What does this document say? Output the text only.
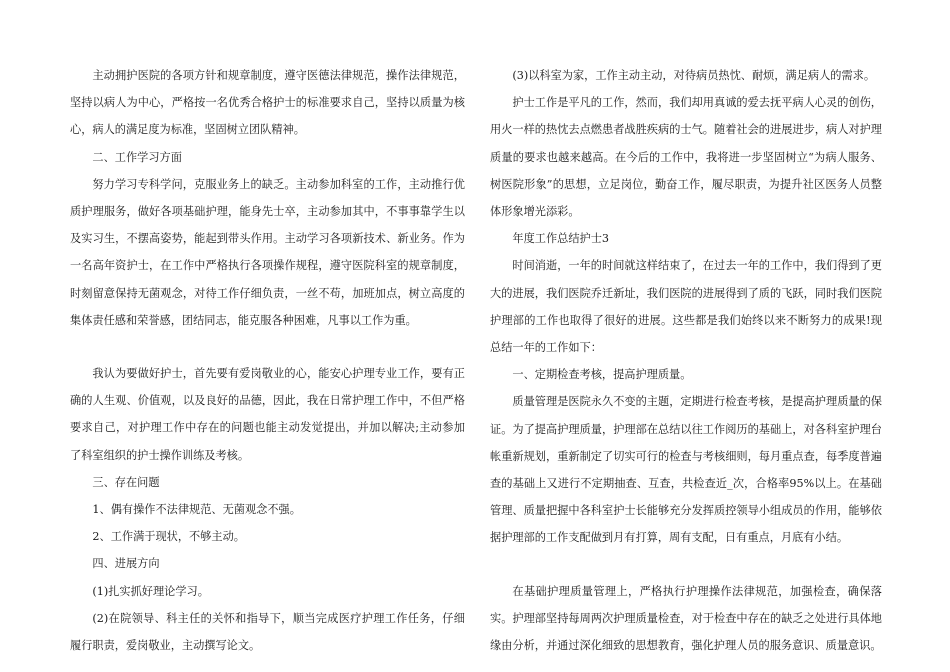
主动拥护医院的各项方针和规章制度，遵守医德法律规范，操作法律规范，坚持以病人为中心，严格按一名优秀合格护士的标准要求自己，坚持以质量为核心，病人的满足度为标准，坚固树立团队精神。

二、工作学习方面

努力学习专科学问，克服业务上的缺乏。主动参加科室的工作，主动推行优质护理服务，做好各项基础护理，能身先士卒，主动参加其中，不事事靠学生以及实习生，不摆高姿势，能起到带头作用。主动学习各项新技术、新业务。作为一名高年资护士，在工作中严格执行各项操作规程，遵守医院科室的规章制度，时刻留意保持无菌观念，对待工作仔细负责，一丝不苟，加班加点，树立高度的集体责任感和荣誉感，团结同志，能克服各种困难，凡事以工作为重。

我认为要做好护士，首先要有爱岗敬业的心，能安心护理专业工作，要有正确的人生观、价值观，以及良好的品德，因此，我在日常护理工作中，不但严格要求自己，对护理工作中存在的问题也能主动发觉提出，并加以解决;主动参加了科室组织的护士操作训练及考核。

三、存在问题

1、偶有操作不法律规范、无菌观念不强。

2、工作满于现状，不够主动。

四、进展方向

(1)扎实抓好理论学习。

(2)在院领导、科主任的关怀和指导下，顺当完成医疗护理工作任务，仔细履行职责，爱岗敬业，主动撰写论文。

(3)以科室为家，工作主动主动，对待病员热忱、耐烦，满足病人的需求。

护士工作是平凡的工作，然而，我们却用真诚的爱去抚平病人心灵的创伤，用火一样的热忱去点燃患者战胜疾病的士气。随着社会的进展进步，病人对护理质量的要求也越来越高。在今后的工作中，我将进一步坚固树立“为病人服务、树医院形象”的思想，立足岗位，勤奋工作，履尽职责，为提升社区医务人员整体形象增光添彩。

年度工作总结护士3

时间消逝，一年的时间就这样结束了，在过去一年的工作中，我们得到了更大的进展，我们医院乔迁新址，我们医院的进展得到了质的飞跃，同时我们医院护理部的工作也取得了很好的进展。这些都是我们始终以来不断努力的成果!现总结一年的工作如下：

一、定期检查考核，提高护理质量。

质量管理是医院永久不变的主题，定期进行检查考核，是提高护理质量的保证。为了提高护理质量，护理部在总结以往工作阅历的基础上，对各科室护理台帐重新规划，重新制定了切实可行的检查与考核细则，每月重点查，每季度普遍查的基础上又进行不定期抽查、互查，共检查近_次，合格率95%以上。在基础管理、质量把握中各科室护士长能够充分发挥质控领导小组成员的作用，能够依据护理部的工作支配做到月有打算，周有支配，日有重点，月底有小结。

在基础护理质量管理上，严格执行护理操作法律规范，加强检查，确保落实。护理部坚持每周两次护理质量检查，对于检查中存在的缺乏之处进行具体地缘由分析，并通过深化细致的思想教育，强化护理人员的服务意识、质量意识。
